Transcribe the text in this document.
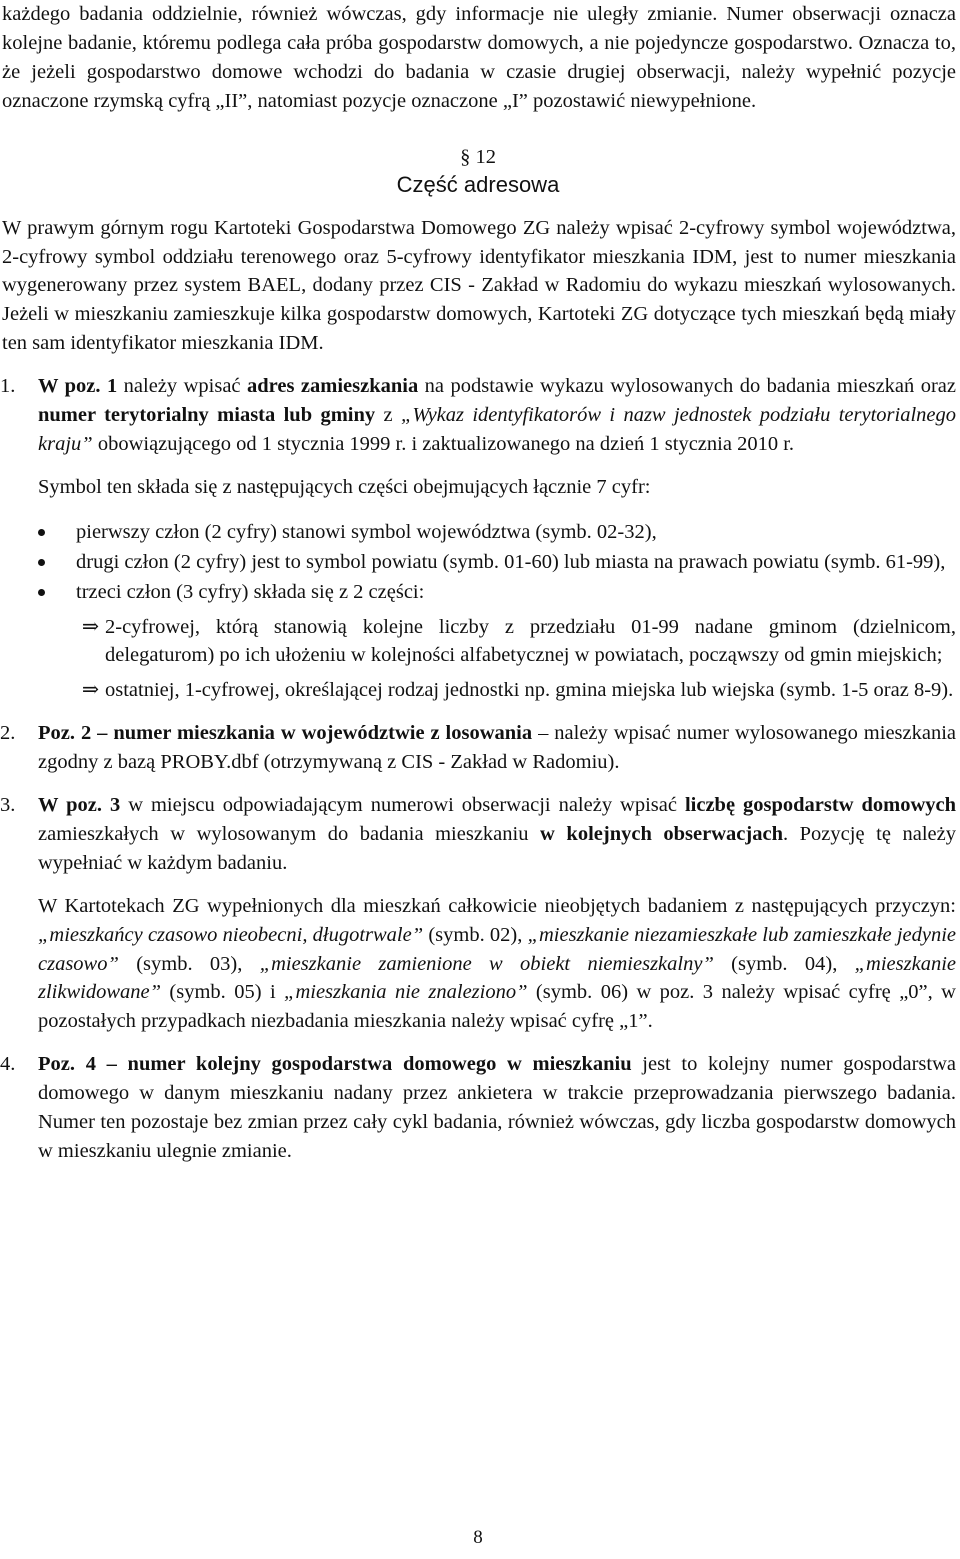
każdego badania oddzielnie, również wówczas, gdy informacje nie uległy zmianie. Numer obserwacji oznacza kolejne badanie, któremu podlega cała próba gospodarstw domowych, a nie pojedyncze gospodarstwo. Oznacza to, że jeżeli gospodarstwo domowe wchodzi do badania w czasie drugiej obserwacji, należy wypełnić pozycje oznaczone rzymską cyfrą „II”, natomiast pozycje oznaczone „I” pozostawić niewypełnione.

§ 12
Część adresowa

W prawym górnym rogu Kartoteki Gospodarstwa Domowego ZG należy wpisać 2-cyfrowy symbol województwa, 2-cyfrowy symbol oddziału terenowego oraz 5-cyfrowy identyfikator mieszkania IDM, jest to numer mieszkania wygenerowany przez system BAEL, dodany przez CIS - Zakład w Radomiu do wykazu mieszkań wylosowanych. Jeżeli w mieszkaniu zamieszkuje kilka gospodarstw domowych, Kartoteki ZG dotyczące tych mieszkań będą miały ten sam identyfikator mieszkania IDM.

1.	W poz. 1 należy wpisać adres zamieszkania na podstawie wykazu wylosowanych do badania mieszkań oraz numer terytorialny miasta lub gminy z „Wykaz identyfikatorów i nazw jednostek podziału terytorialnego kraju” obowiązującego od 1 stycznia 1999 r. i zaktualizowanego na dzień 1 stycznia 2010 r.

Symbol ten składa się z następujących części obejmujących łącznie 7 cyfr:

pierwszy człon (2 cyfry) stanowi symbol województwa (symb. 02-32),
drugi człon (2 cyfry) jest to symbol powiatu (symb. 01-60) lub miasta na prawach powiatu (symb. 61-99),
trzeci człon (3 cyfry) składa się z 2 części:
⇒ 2-cyfrowej, którą stanowią kolejne liczby z przedziału 01-99 nadane gminom (dzielnicom, delegaturom) po ich ułożeniu w kolejności alfabetycznej w powiatach, począwszy od gmin miejskich;
⇒ ostatniej, 1-cyfrowej, określającej rodzaj jednostki np. gmina miejska lub wiejska (symb. 1-5 oraz 8-9).
2.	Poz. 2 – numer mieszkania w województwie z losowania – należy wpisać numer wylosowanego mieszkania zgodny z bazą PROBY.dbf (otrzymywaną z CIS - Zakład w Radomiu).

3.	W poz. 3 w miejscu odpowiadającym numerowi obserwacji należy wpisać liczbę gospodarstw domowych zamieszkałych w wylosowanym do badania mieszkaniu w kolejnych obserwacjach. Pozycję tę należy wypełniać w każdym badaniu.

W Kartotekach ZG wypełnionych dla mieszkań całkowicie nieobjętych badaniem z następujących przyczyn: „mieszkańcy czasowo nieobecni, długotrwale” (symb. 02), „mieszkanie niezamieszkałe lub zamieszkałe jedynie czasowo” (symb. 03), „mieszkanie zamienione w obiekt niemieszkalny” (symb. 04), „mieszkanie zlikwidowane” (symb. 05) i „mieszkania nie znaleziono” (symb. 06) w poz. 3 należy wpisać cyfrę „0”, w pozostałych przypadkach niezbadania mieszkania należy wpisać cyfrę „1”.

4.	Poz. 4 – numer kolejny gospodarstwa domowego w mieszkaniu jest to kolejny numer gospodarstwa domowego w danym mieszkaniu nadany przez ankietera w trakcie przeprowadzania pierwszego badania. Numer ten pozostaje bez zmian przez cały cykl badania, również wówczas, gdy liczba gospodarstw domowych w mieszkaniu ulegnie zmianie.

8
